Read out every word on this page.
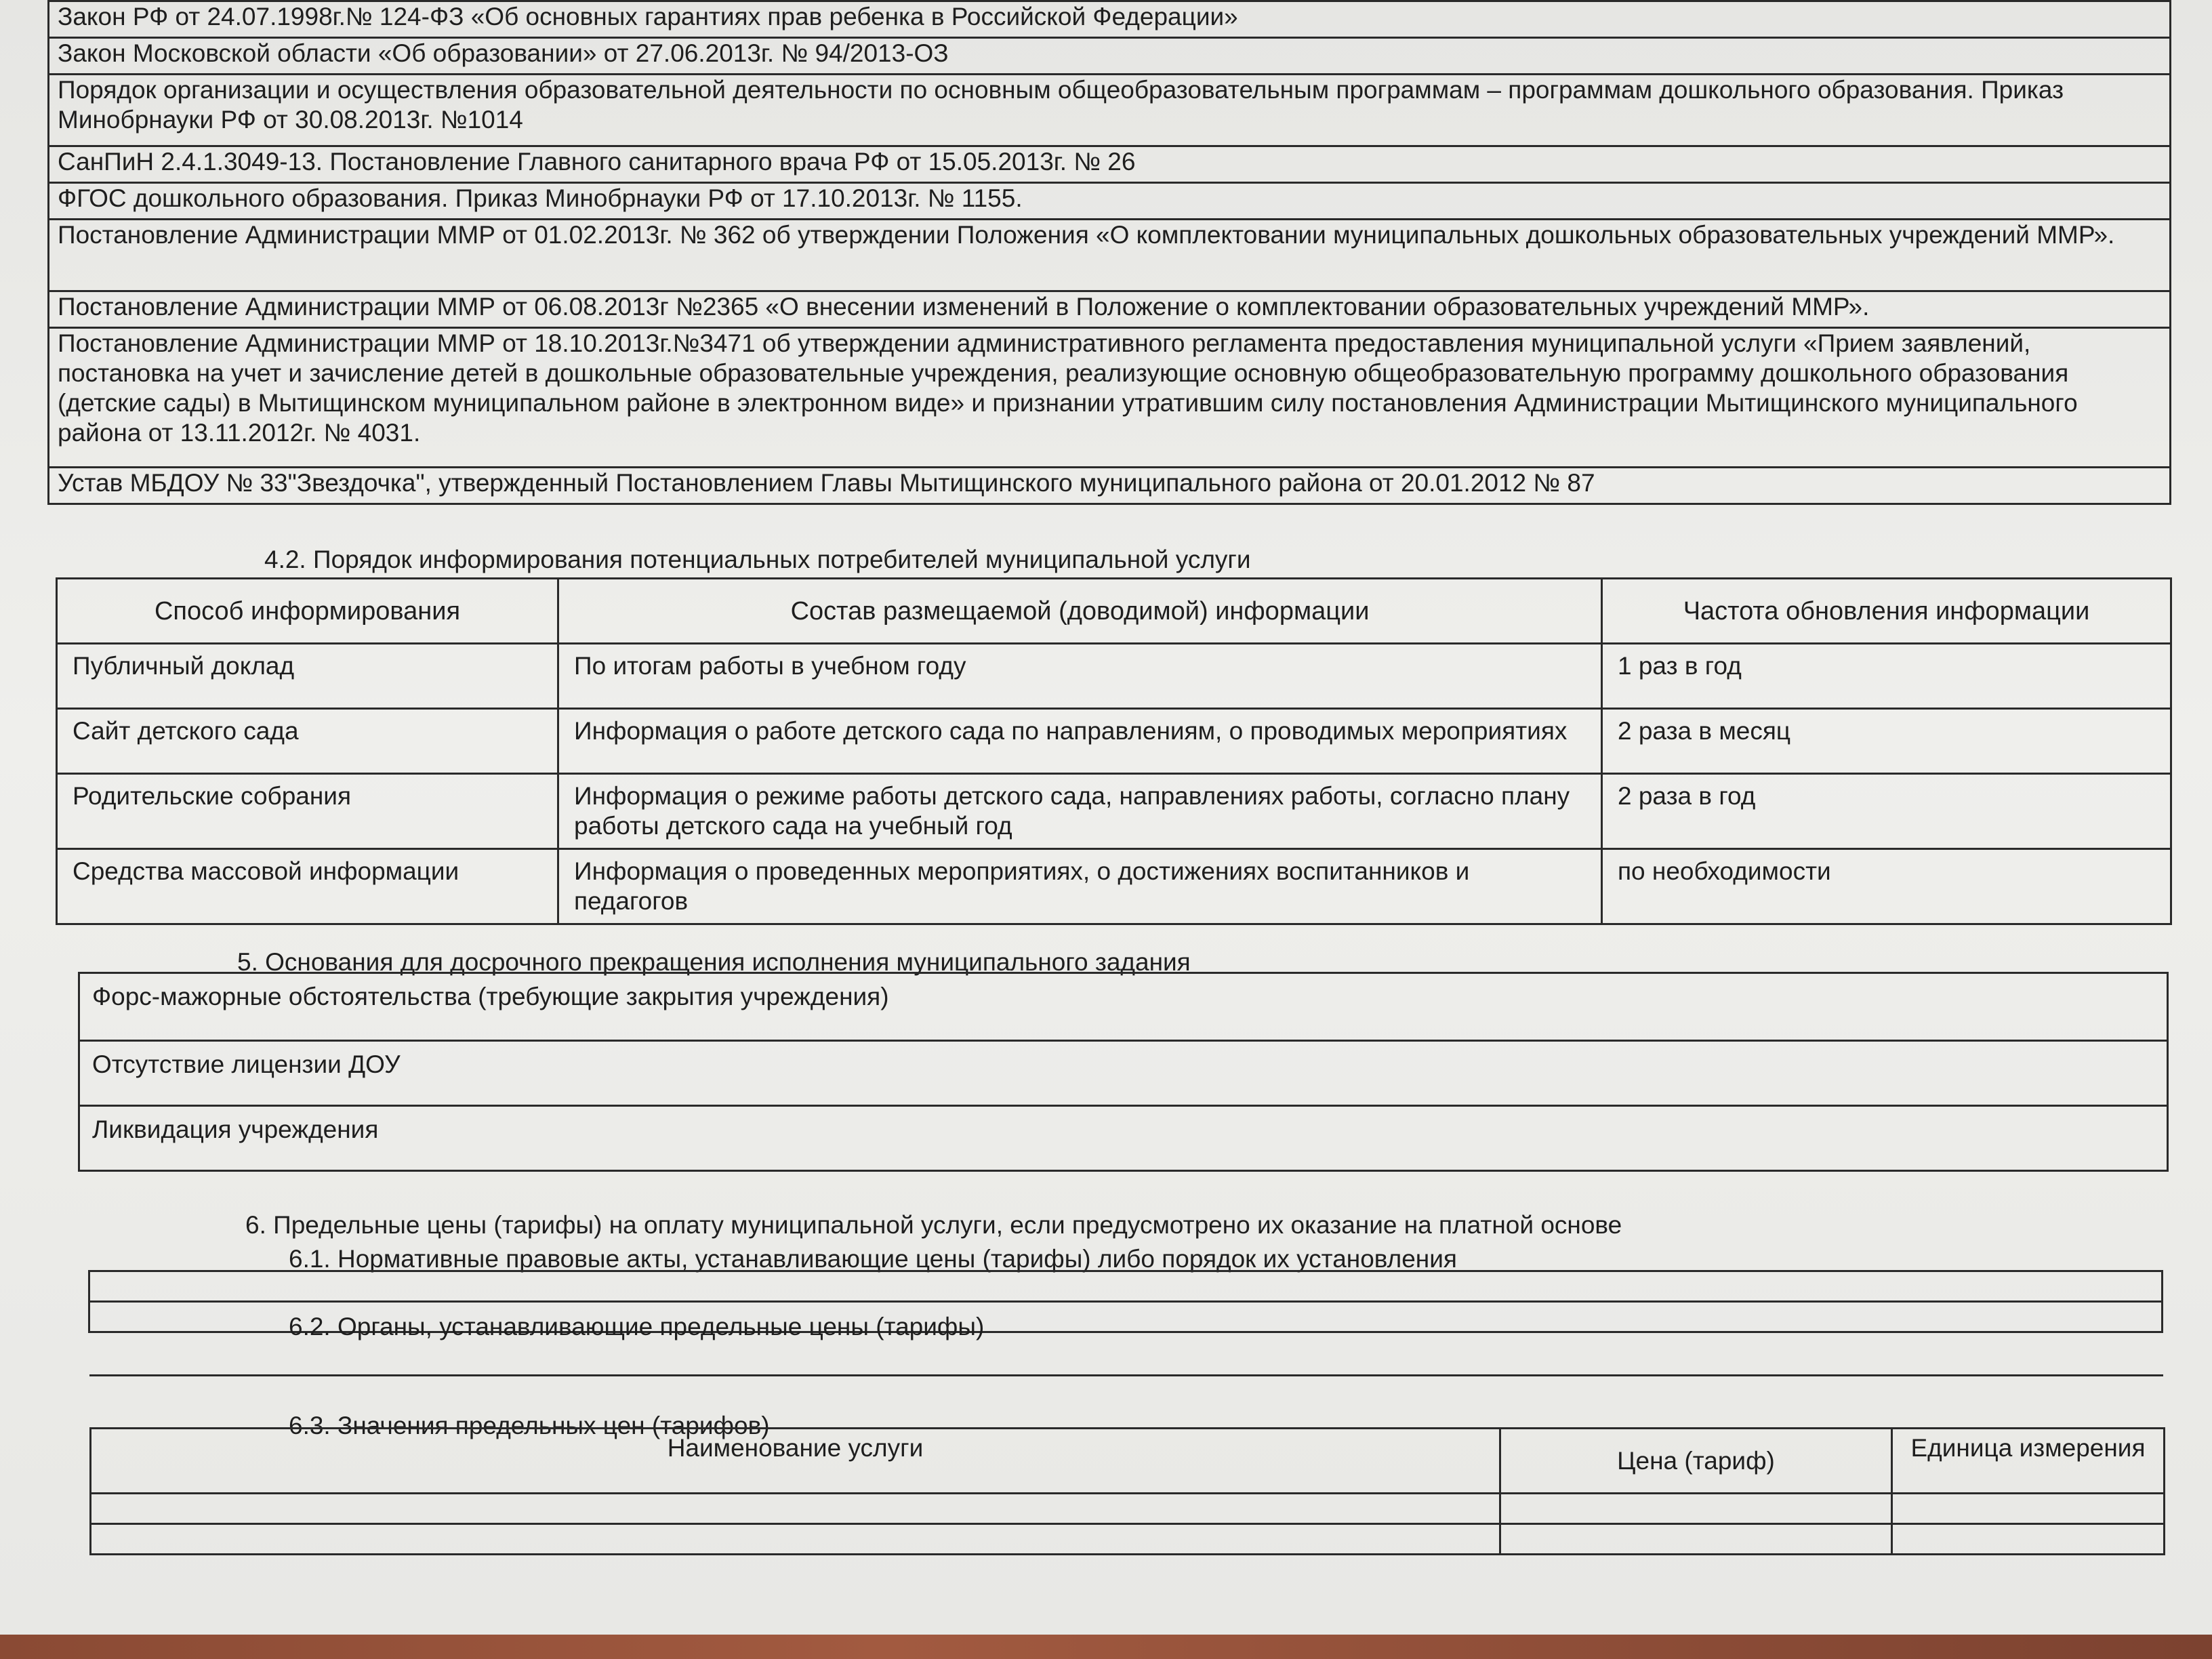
Закон РФ от 24.07.1998г.№ 124-ФЗ «Об основных гарантиях прав ребенка в Российской Федерации»
Закон Московской области «Об образовании» от 27.06.2013г. № 94/2013-ОЗ
Порядок организации и осуществления образовательной деятельности по основным общеобразовательным программам – программам дошкольного образования. Приказ Минобрнауки РФ от 30.08.2013г. №1014
СанПиН 2.4.1.3049-13. Постановление Главного санитарного врача РФ от 15.05.2013г. № 26
ФГОС дошкольного образования. Приказ Минобрнауки РФ от 17.10.2013г. № 1155.
Постановление Администрации ММР от 01.02.2013г. № 362 об утверждении Положения «О комплектовании муниципальных дошкольных образовательных учреждений ММР».
Постановление Администрации ММР от 06.08.2013г №2365 «О внесении изменений в Положение о комплектовании образовательных учреждений ММР».
Постановление Администрации ММР от 18.10.2013г.№3471 об утверждении административного регламента предоставления муниципальной услуги «Прием заявлений, постановка на учет и зачисление детей в дошкольные образовательные учреждения, реализующие основную общеобразовательную программу дошкольного образования (детские сады) в Мытищинском муниципальном районе в электронном виде» и признании утратившим силу постановления Администрации Мытищинского муниципального района от 13.11.2012г. № 4031.
Устав МБДОУ № 33"Звездочка", утвержденный Постановлением Главы Мытищинского муниципального района от 20.01.2012 № 87
4.2. Порядок информирования потенциальных потребителей муниципальной услуги
Способ информирования	Состав размещаемой (доводимой) информации	Частота обновления информации
Публичный доклад	По итогам работы в учебном году	1 раз в год
Сайт детского сада	Информация о работе детского сада по направлениям, о проводимых мероприятиях	2 раза в месяц
Родительские собрания	Информация о режиме работы детского сада, направлениях работы, согласно плану работы детского сада на учебный год	2 раза в год
Средства массовой информации	Информация о проведенных мероприятиях, о достижениях воспитанников и педагогов	по необходимости
5. Основания для досрочного прекращения исполнения муниципального задания
Форс-мажорные обстоятельства (требующие закрытия учреждения)
Отсутствие лицензии ДОУ
Ликвидация учреждения
6. Предельные цены (тарифы) на оплату муниципальной услуги, если предусмотрено их оказание на платной основе
6.1. Нормативные правовые акты, устанавливающие цены (тарифы) либо порядок их установления

6.2. Органы, устанавливающие предельные цены (тарифы)
6.3. Значения предельных цен (тарифов)
Наименование услуги	Цена (тариф)	Единица измерения
